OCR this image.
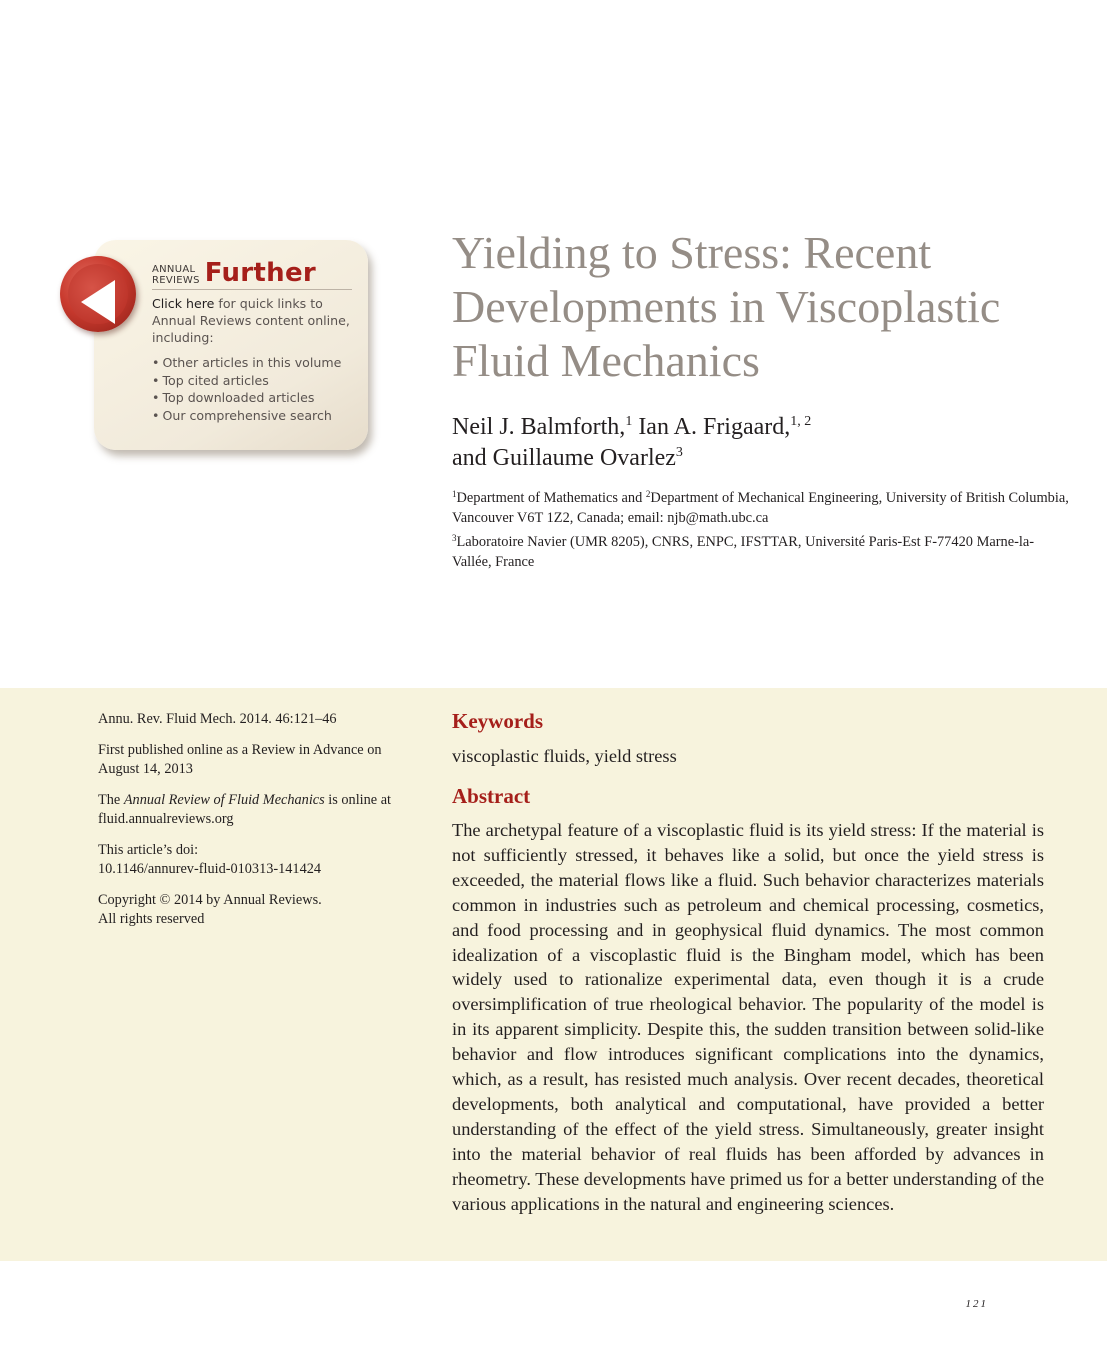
ANNUAL
REVIEWS Further
Click here for quick links to Annual Reviews content online, including:
• Other articles in this volume
• Top cited articles
• Top downloaded articles
• Our comprehensive search
Yielding to Stress: Recent Developments in Viscoplastic Fluid Mechanics

Neil J. Balmforth,$^1$ Ian A. Frigaard,$^{1, 2}$
and Guillaume Ovarlez$^3$

$^1$Department of Mathematics and $^2$Department of Mechanical Engineering, University of British Columbia, Vancouver V6T 1Z2, Canada; email: njb@math.ubc.ca

$^3$Laboratoire Navier (UMR 8205), CNRS, ENPC, IFSTTAR, Université Paris-Est F-77420 Marne-la-Vallée, France

Annu. Rev. Fluid Mech. 2014. 46:121–46

First published online as a Review in Advance on August 14, 2013

The Annual Review of Fluid Mechanics is online at fluid.annualreviews.org

This article’s doi:
10.1146/annurev-fluid-010313-141424

Copyright © 2014 by Annual Reviews.
All rights reserved

Keywords

viscoplastic fluids, yield stress

Abstract

The archetypal feature of a viscoplastic fluid is its yield stress: If the material is not sufficiently stressed, it behaves like a solid, but once the yield stress is exceeded, the material flows like a fluid. Such behavior characterizes materials common in industries such as petroleum and chemical processing, cosmetics, and food processing and in geophysical fluid dynamics. The most common idealization of a viscoplastic fluid is the Bingham model, which has been widely used to rationalize experimental data, even though it is a crude oversimplification of true rheological behavior. The popularity of the model is in its apparent simplicity. Despite this, the sudden transition between solid-like behavior and flow introduces significant complications into the dynamics, which, as a result, has resisted much analysis. Over recent decades, theoretical developments, both analytical and computational, have provided a better understanding of the effect of the yield stress. Simultaneously, greater insight into the material behavior of real fluids has been afforded by advances in rheometry. These developments have primed us for a better understanding of the various applications in the natural and engineering sciences.

121
